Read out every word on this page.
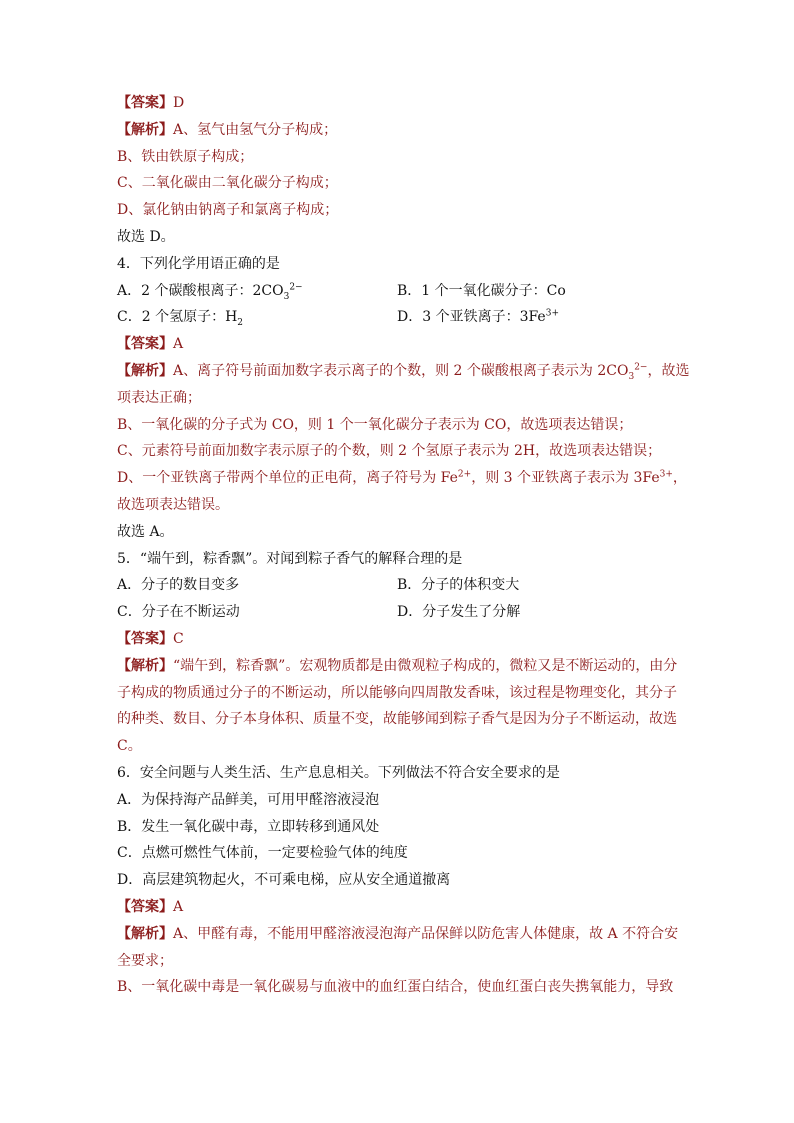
【答案】D
【解析】A、氢气由氢气分子构成；
B、铁由铁原子构成；
C、二氧化碳由二氧化碳分子构成；
D、氯化钠由钠离子和氯离子构成；
故选 D。
4．下列化学用语正确的是
A．2 个碳酸根离子：$2CO_3^{2-}$	B．1 个一氧化碳分子：Co
C．2 个氢原子：$H_2$	D．3 个亚铁离子：$3Fe^{3+}$
【答案】A
【解析】A、离子符号前面加数字表示离子的个数，则 2 个碳酸根离子表示为 $2CO_3^{2-}$，故选
项表达正确；
B、一氧化碳的分子式为 CO，则 1 个一氧化碳分子表示为 CO，故选项表达错误；
C、元素符号前面加数字表示原子的个数，则 2 个氢原子表示为 2H，故选项表达错误；
D、一个亚铁离子带两个单位的正电荷，离子符号为 $Fe^{2+}$，则 3 个亚铁离子表示为 $3Fe^{3+}$，
故选项表达错误。
故选 A。
5．“端午到，粽香飘”。对闻到粽子香气的解释合理的是
A．分子的数目变多	B．分子的体积变大
C．分子在不断运动	D．分子发生了分解
【答案】C
【解析】“端午到，粽香飘”。宏观物质都是由微观粒子构成的，微粒又是不断运动的，由分
子构成的物质通过分子的不断运动，所以能够向四周散发香味，该过程是物理变化，其分子
的种类、数目、分子本身体积、质量不变，故能够闻到粽子香气是因为分子不断运动，故选
C。
6．安全问题与人类生活、生产息息相关。下列做法不符合安全要求的是
A．为保持海产品鲜美，可用甲醛溶液浸泡
B．发生一氧化碳中毒，立即转移到通风处
C．点燃可燃性气体前，一定要检验气体的纯度
D．高层建筑物起火，不可乘电梯，应从安全通道撤离
【答案】A
【解析】A、甲醛有毒，不能用甲醛溶液浸泡海产品保鲜以防危害人体健康，故 A 不符合安
全要求；
B、一氧化碳中毒是一氧化碳易与血液中的血红蛋白结合，使血红蛋白丧失携氧能力，导致
